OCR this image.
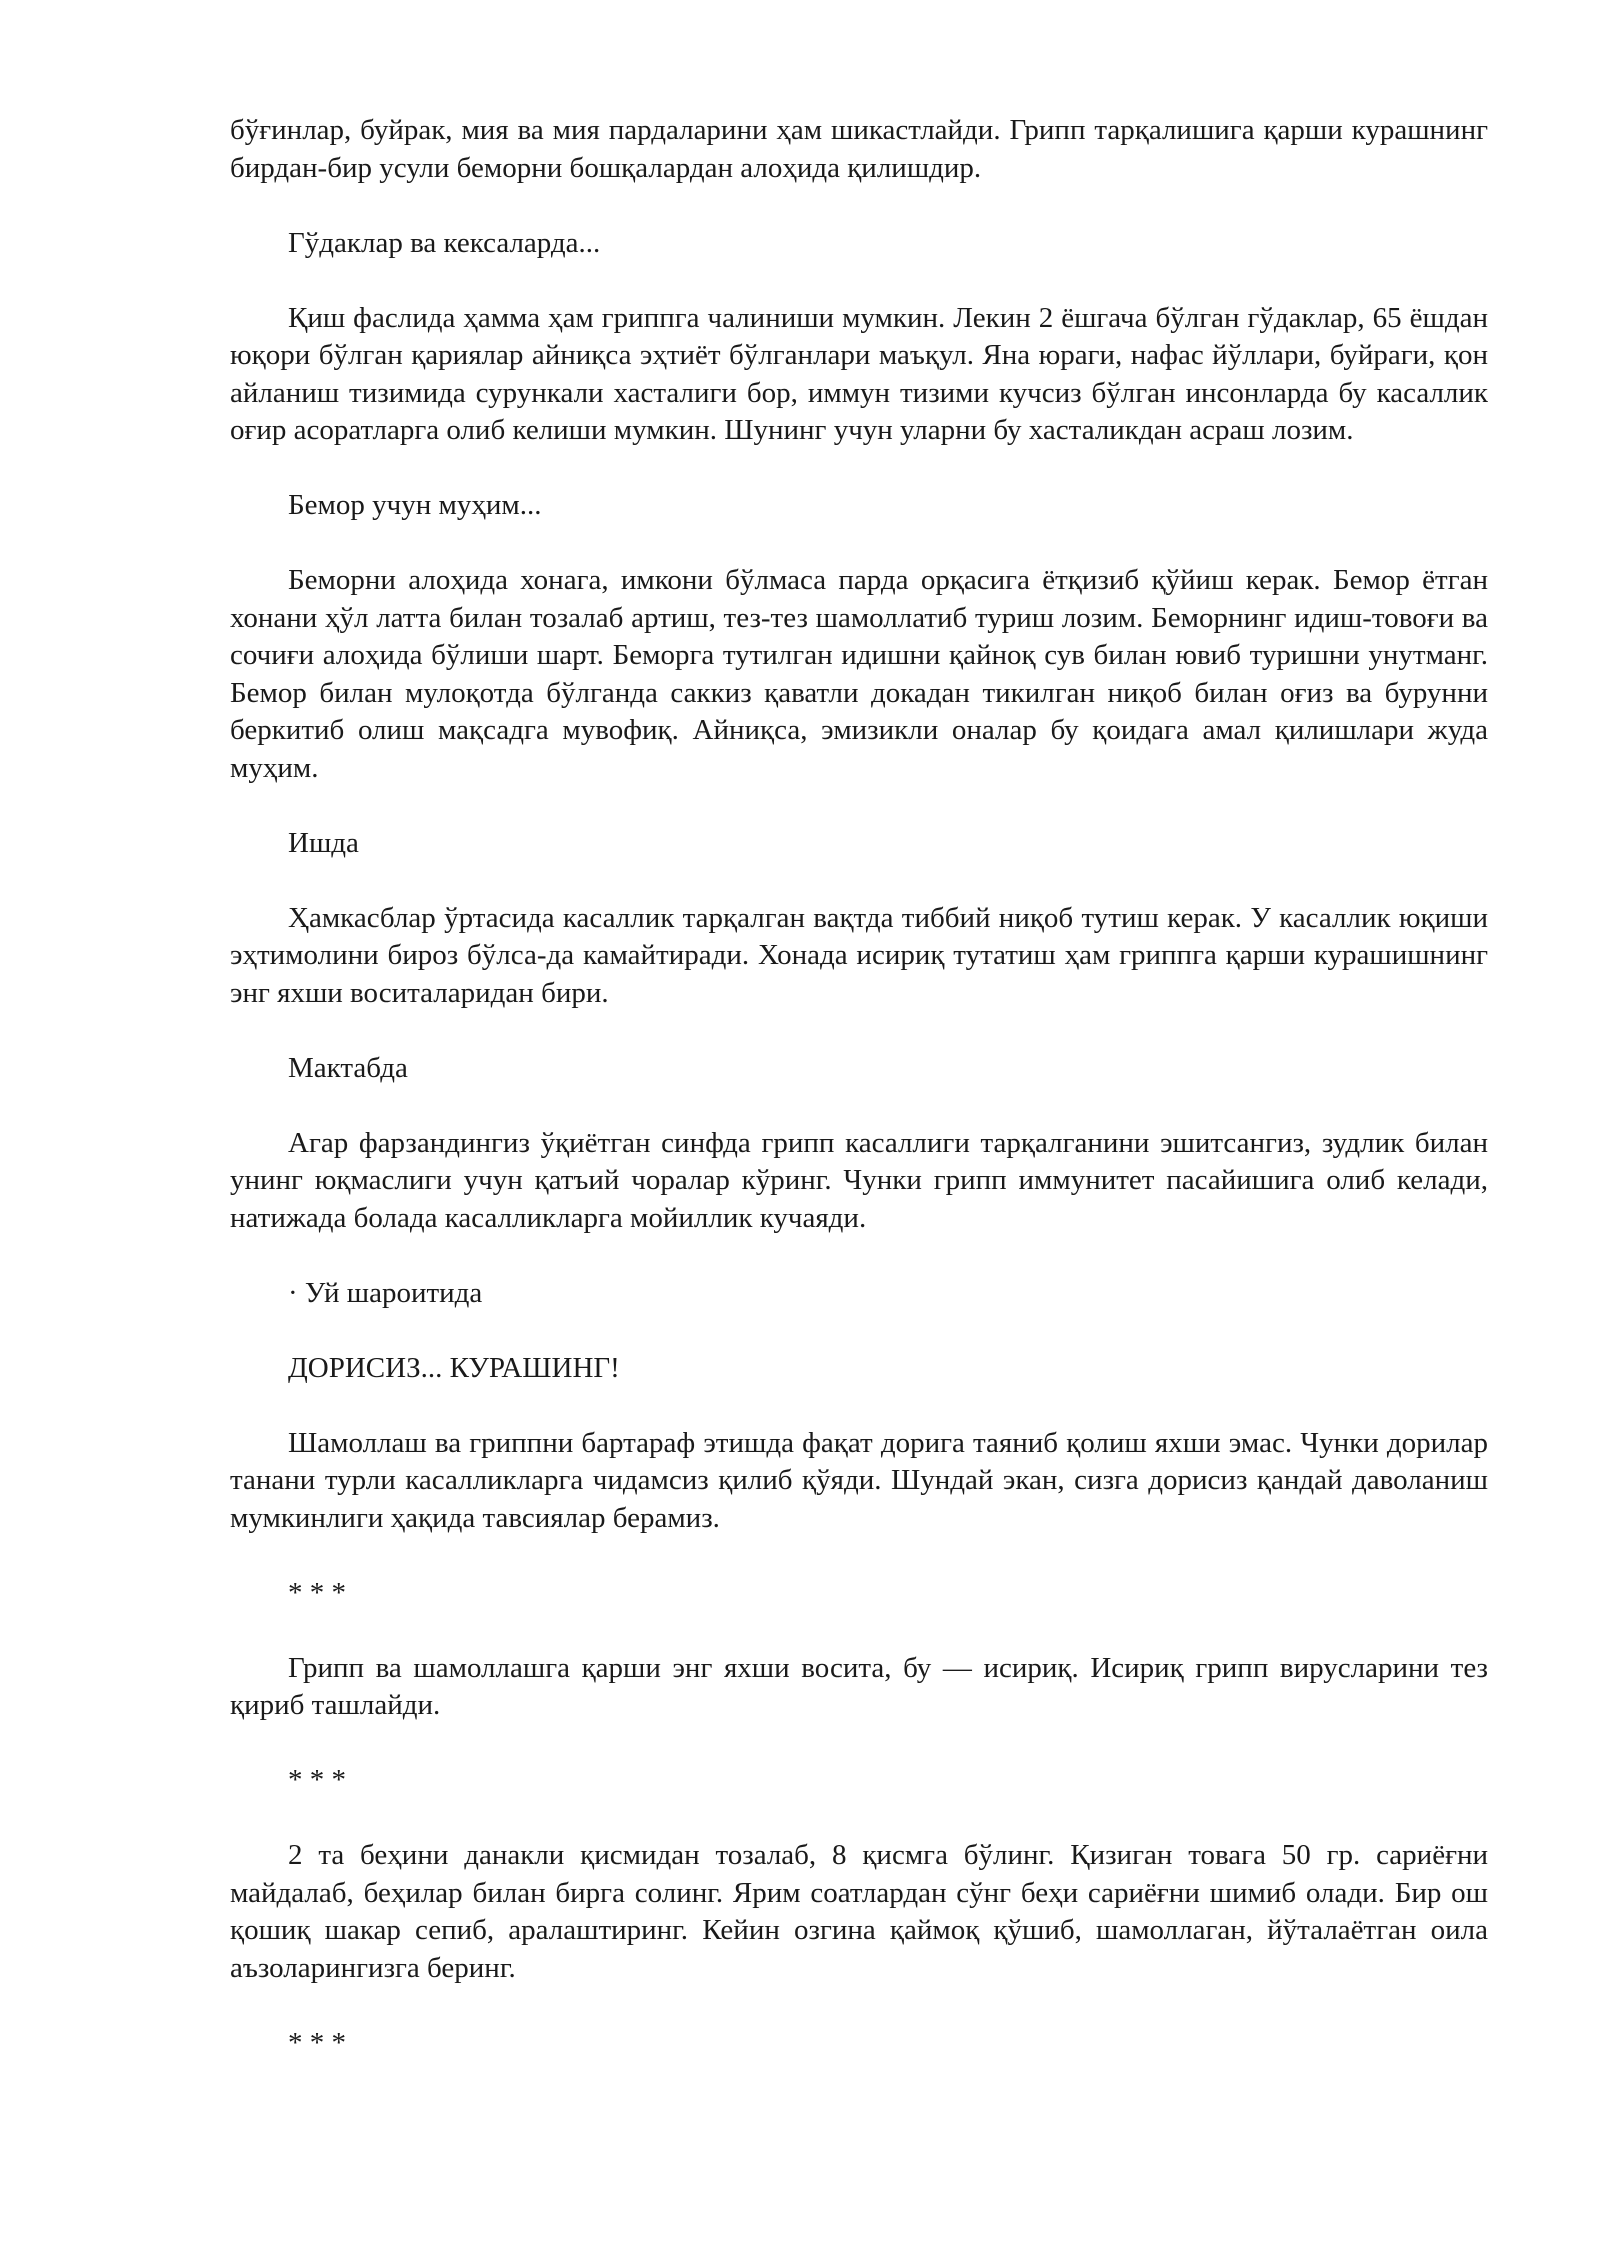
бўғинлар, буйрак, мия ва мия пардаларини ҳам шикастлайди. Грипп тарқалишига қарши курашнинг бирдан-бир усули беморни бошқалардан алоҳида қилишдир.

Гўдаклар ва кексаларда...

Қиш фаслида ҳамма ҳам гриппга чалиниши мумкин. Лекин 2 ёшгача бўлган гўдаклар, 65 ёшдан юқори бўлган қариялар айниқса эҳтиёт бўлганлари маъқул. Яна юраги, нафас йўллари, буйраги, қон айланиш тизимида сурункали хасталиги бор, иммун тизими кучсиз бўлган инсонларда бу касаллик оғир асоратларга олиб келиши мумкин. Шунинг учун уларни бу хасталикдан асраш лозим.

Бемор учун муҳим...

Беморни алоҳида хонага, имкони бўлмаса парда орқасига ётқизиб қўйиш керак. Бемор ётган хонани ҳўл латта билан тозалаб артиш, тез-тез шамоллатиб туриш лозим. Беморнинг идиш-товоғи ва сочиғи алоҳида бўлиши шарт. Беморга тутилган идишни қайноқ сув билан ювиб туришни унутманг. Бемор билан мулоқотда бўлганда саккиз қаватли докадан тикилган ниқоб билан оғиз ва бурунни беркитиб олиш мақсадга мувофиқ. Айниқса, эмизикли оналар бу қоидага амал қилишлари жуда муҳим.

Ишда

Ҳамкасблар ўртасида касаллик тарқалган вақтда тиббий ниқоб тутиш керак. У касаллик юқиши эҳтимолини бироз бўлса-да камайтиради. Хонада исириқ тутатиш ҳам гриппга қарши курашишнинг энг яхши воситаларидан бири.

Мактабда

Агар фарзандингиз ўқиётган синфда грипп касаллиги тарқалганини эшитсангиз, зудлик билан унинг юқмаслиги учун қатъий чоралар кўринг. Чунки грипп иммунитет пасайишига олиб келади, натижада болада касалликларга мойиллик кучаяди.

· Уй шароитида

ДОРИСИЗ... КУРАШИНГ!

Шамоллаш ва гриппни бартараф этишда фақат дорига таяниб қолиш яхши эмас. Чунки дорилар танани турли касалликларга чидамсиз қилиб қўяди. Шундай экан, сизга дорисиз қандай даволаниш мумкинлиги ҳақида тавсиялар берамиз.

* * *

Грипп ва шамоллашга қарши энг яхши восита, бу — исириқ. Исириқ грипп вирусларини тез қириб ташлайди.

* * *

2 та беҳини данакли қисмидан тозалаб, 8 қисмга бўлинг. Қизиган товага 50 гр. сариёғни майдалаб, беҳилар билан бирга солинг. Ярим соатлардан сўнг беҳи сариёғни шимиб олади. Бир ош қошиқ шакар сепиб, аралаштиринг. Кейин озгина қаймоқ қўшиб, шамоллаган, йўталаётган оила аъзоларингизга беринг.

* * *
